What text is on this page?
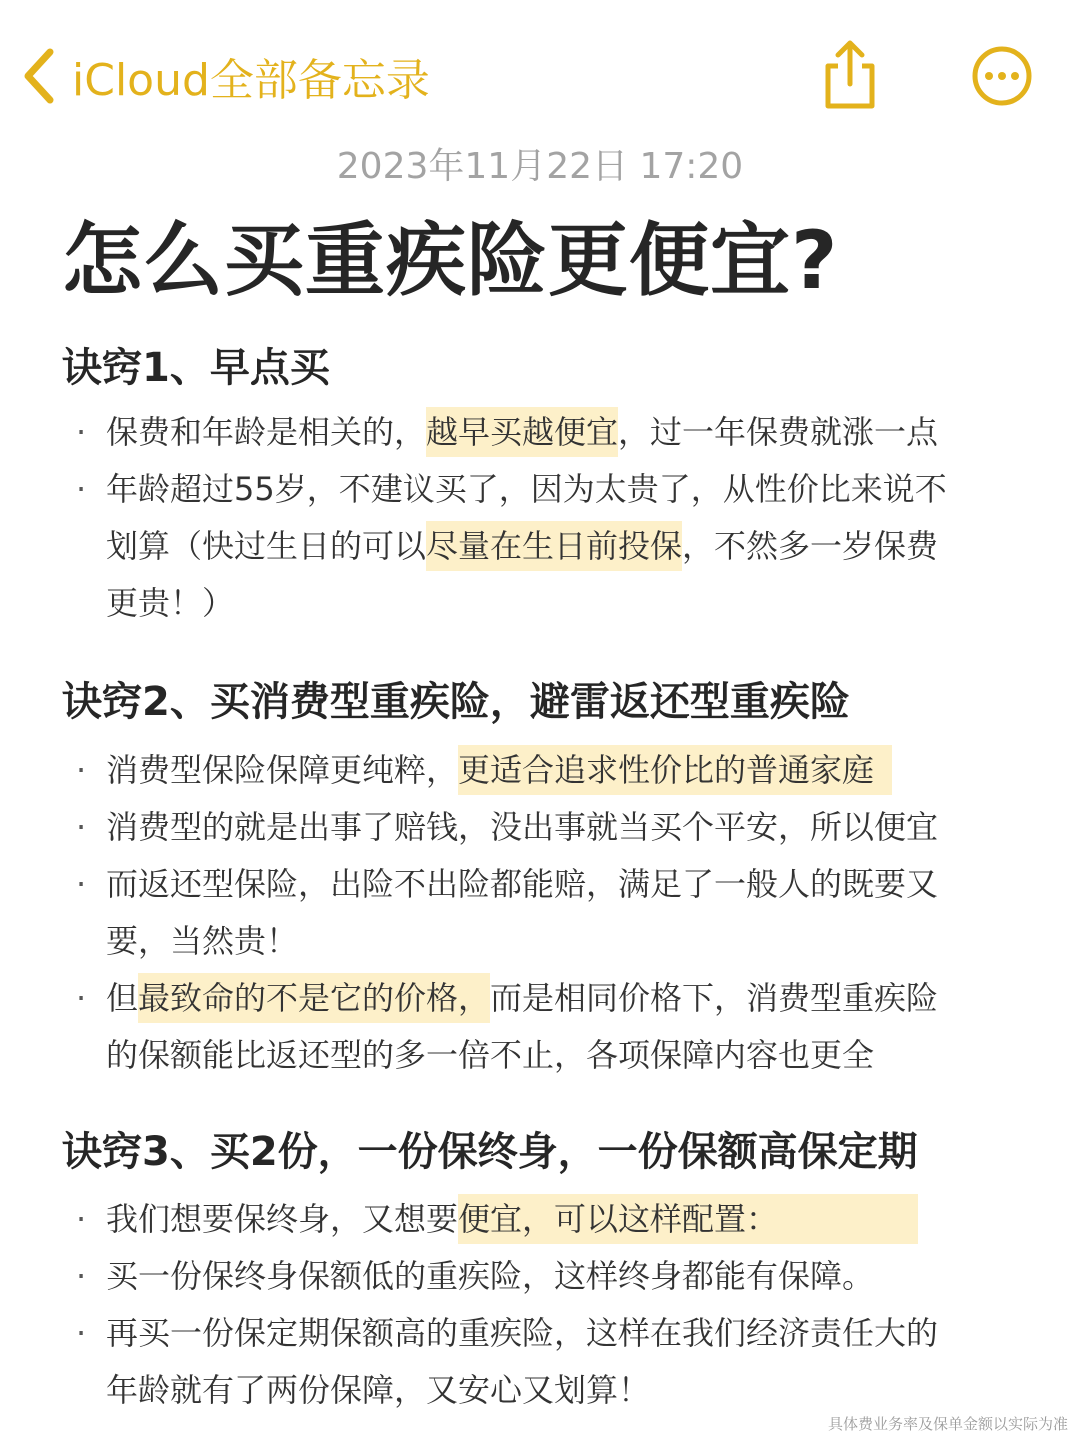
iCloud全部备忘录
2023年11月22日 17:20
怎么买重疾险更便宜?
诀窍1、早点买
· 保费和年龄是相关的，越早买越便宜，过一年保费就涨一点
· 年龄超过55岁，不建议买了，因为太贵了，从性价比来说不
划算（快过生日的可以尽量在生日前投保，不然多一岁保费
更贵！）
诀窍2、买消费型重疾险，避雷返还型重疾险
· 消费型保险保障更纯粹，更适合追求性价比的普通家庭
· 消费型的就是出事了赔钱，没出事就当买个平安，所以便宜
· 而返还型保险，出险不出险都能赔，满足了一般人的既要又
要，当然贵！
· 但最致命的不是它的价格，而是相同价格下，消费型重疾险
的保额能比返还型的多一倍不止，各项保障内容也更全
诀窍3、买2份，一份保终身，一份保额高保定期
· 我们想要保终身，又想要便宜，可以这样配置：
· 买一份保终身保额低的重疾险，这样终身都能有保障。
· 再买一份保定期保额高的重疾险，这样在我们经济责任大的
年龄就有了两份保障，又安心又划算！
具体费业务率及保单金额以实际为准
